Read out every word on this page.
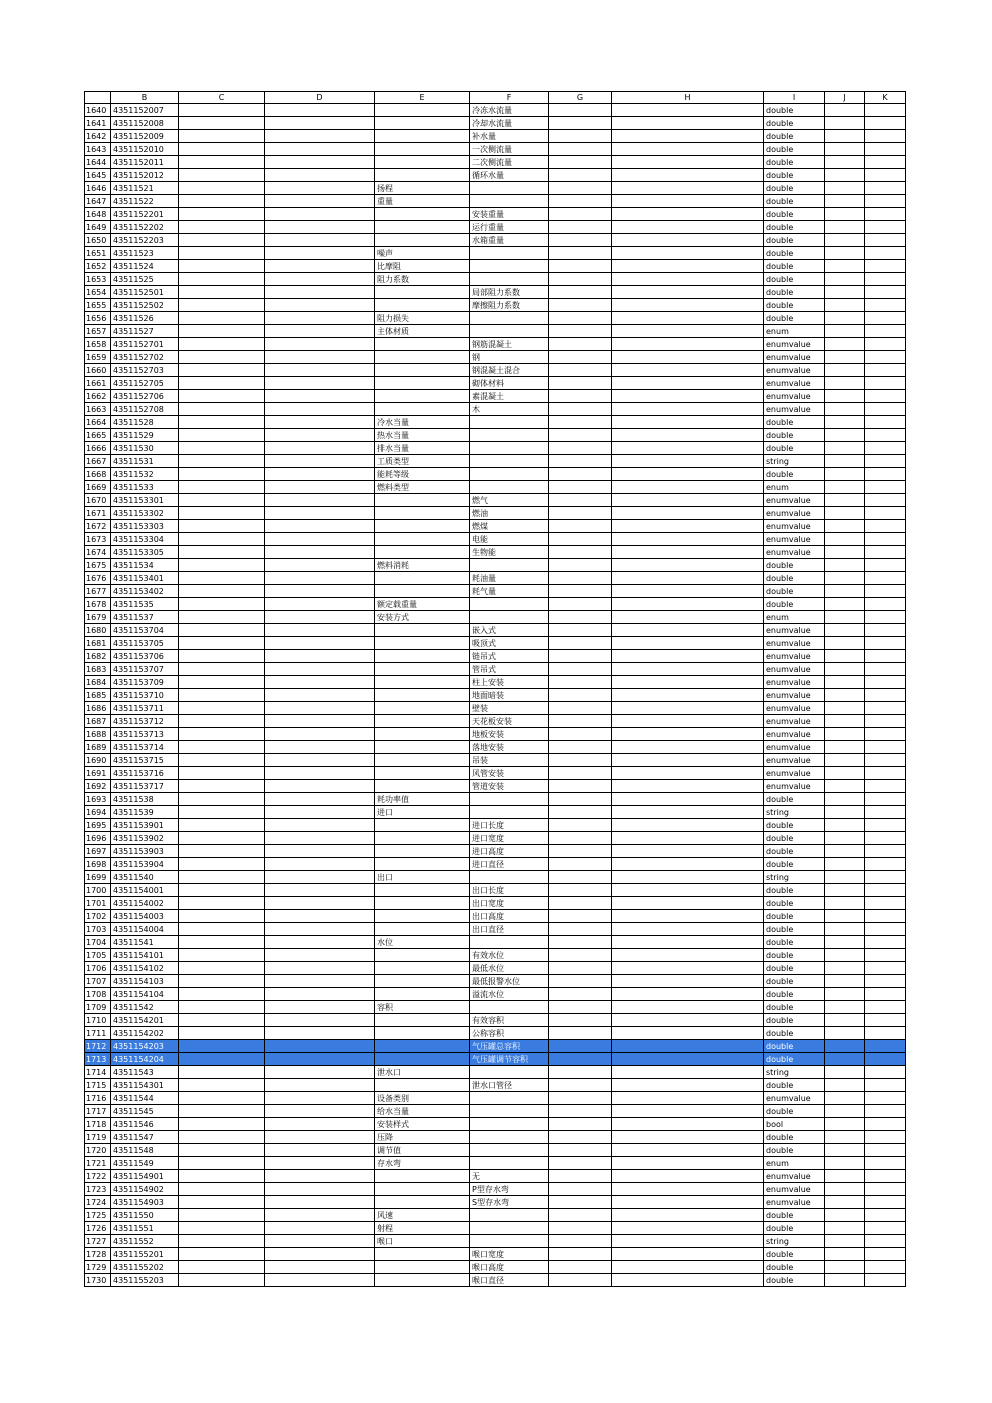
	B	C	D	E	F	G	H	I	J	K
1640	4351152007				冷冻水流量			double		
1641	4351152008				冷却水流量			double		
1642	4351152009				补水量			double		
1643	4351152010				一次侧流量			double		
1644	4351152011				二次侧流量			double		
1645	4351152012				循环水量			double		
1646	43511521			扬程				double		
1647	43511522			重量				double		
1648	4351152201				安装重量			double		
1649	4351152202				运行重量			double		
1650	4351152203				水箱重量			double		
1651	43511523			噪声				double		
1652	43511524			比摩阻				double		
1653	43511525			阻力系数				double		
1654	4351152501				局部阻力系数			double		
1655	4351152502				摩擦阻力系数			double		
1656	43511526			阻力损失				double		
1657	43511527			主体材质				enum		
1658	4351152701				钢筋混凝土			enumvalue		
1659	4351152702				钢			enumvalue		
1660	4351152703				钢混凝土混合			enumvalue		
1661	4351152705				砌体材料			enumvalue		
1662	4351152706				素混凝土			enumvalue		
1663	4351152708				木			enumvalue		
1664	43511528			冷水当量				double		
1665	43511529			热水当量				double		
1666	43511530			排水当量				double		
1667	43511531			工质类型				string		
1668	43511532			能耗等级				double		
1669	43511533			燃料类型				enum		
1670	4351153301				燃气			enumvalue		
1671	4351153302				燃油			enumvalue		
1672	4351153303				燃煤			enumvalue		
1673	4351153304				电能			enumvalue		
1674	4351153305				生物能			enumvalue		
1675	43511534			燃料消耗				double		
1676	4351153401				耗油量			double		
1677	4351153402				耗气量			double		
1678	43511535			额定载重量				double		
1679	43511537			安装方式				enum		
1680	4351153704				嵌入式			enumvalue		
1681	4351153705				吸顶式			enumvalue		
1682	4351153706				链吊式			enumvalue		
1683	4351153707				管吊式			enumvalue		
1684	4351153709				柱上安装			enumvalue		
1685	4351153710				地面暗装			enumvalue		
1686	4351153711				壁装			enumvalue		
1687	4351153712				天花板安装			enumvalue		
1688	4351153713				地板安装			enumvalue		
1689	4351153714				落地安装			enumvalue		
1690	4351153715				吊装			enumvalue		
1691	4351153716				风管安装			enumvalue		
1692	4351153717				管道安装			enumvalue		
1693	43511538			耗功率值				double		
1694	43511539			进口				string		
1695	4351153901				进口长度			double		
1696	4351153902				进口宽度			double		
1697	4351153903				进口高度			double		
1698	4351153904				进口直径			double		
1699	43511540			出口				string		
1700	4351154001				出口长度			double		
1701	4351154002				出口宽度			double		
1702	4351154003				出口高度			double		
1703	4351154004				出口直径			double		
1704	43511541			水位				double		
1705	4351154101				有效水位			double		
1706	4351154102				最低水位			double		
1707	4351154103				最低报警水位			double		
1708	4351154104				溢流水位			double		
1709	43511542			容积				double		
1710	4351154201				有效容积			double		
1711	4351154202				公称容积			double		
1712	4351154203				气压罐总容积			double		
1713	4351154204				气压罐调节容积			double		
1714	43511543			泄水口				string		
1715	4351154301				泄水口管径			double		
1716	43511544			设备类别				enumvalue		
1717	43511545			给水当量				double		
1718	43511546			安装样式				bool		
1719	43511547			压降				double		
1720	43511548			调节值				double		
1721	43511549			存水弯				enum		
1722	4351154901				无			enumvalue		
1723	4351154902				P型存水弯			enumvalue		
1724	4351154903				S型存水弯			enumvalue		
1725	43511550			风速				double		
1726	43511551			射程				double		
1727	43511552			喉口				string		
1728	4351155201				喉口宽度			double		
1729	4351155202				喉口高度			double		
1730	4351155203				喉口直径			double		
